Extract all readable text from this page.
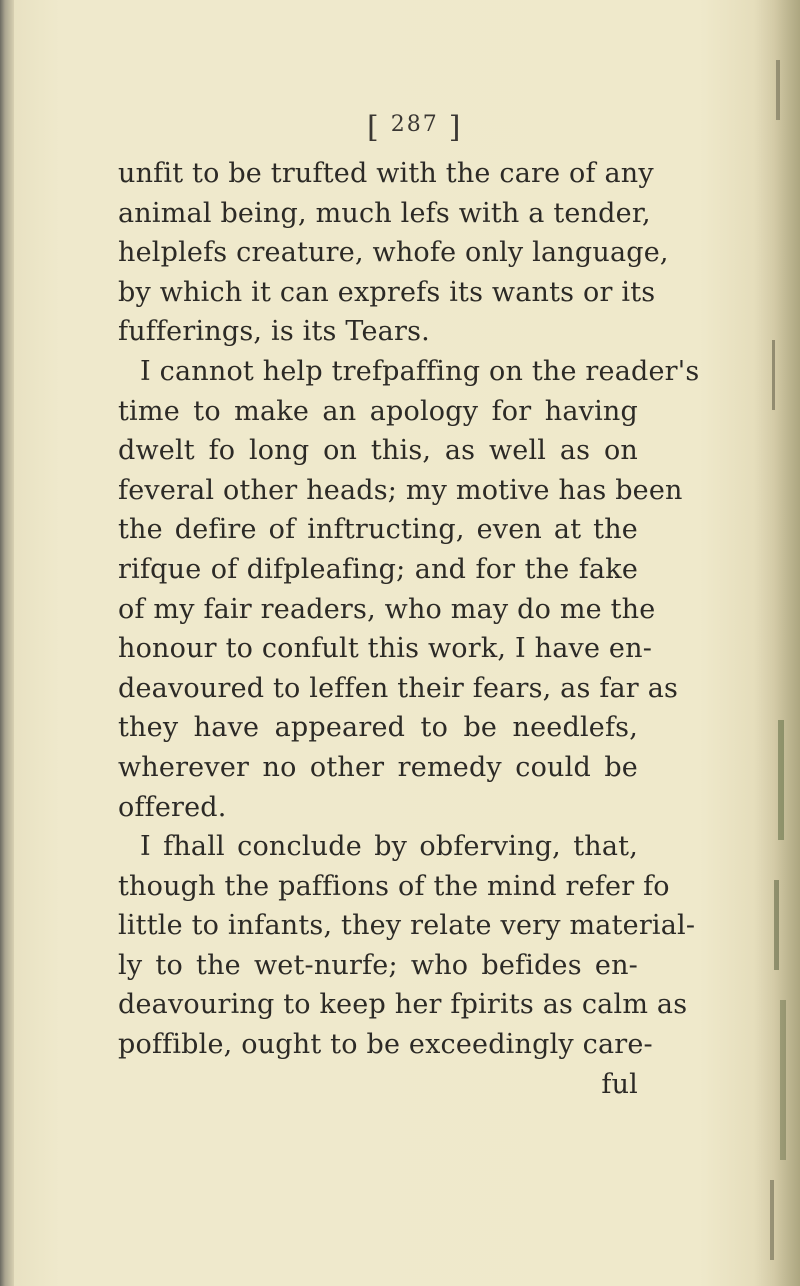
[ $^{287}$ ]
unfit to be trufted with the care of any
animal being, much lefs with a tender,
helplefs creature, whofe only language,
by which it can exprefs its wants or its
fufferings, is its Tears.
I cannot help trefpaffing on the reader's
time to make an apology for having
dwelt fo long on this, as well as on
feveral other heads; my motive has been
the defire of inftructing, even at the
rifque of difpleafing; and for the fake
of my fair readers, who may do me the
honour to confult this work, I have en-
deavoured to leffen their fears, as far as
they have appeared to be needlefs,
wherever no other remedy could be
offered.
I fhall conclude by obferving, that,
though the paffions of the mind refer fo
little to infants, they relate very material-
ly to the wet-nurfe; who befides en-
deavouring to keep her fpirits as calm as
poffible, ought to be exceedingly care-
ful
